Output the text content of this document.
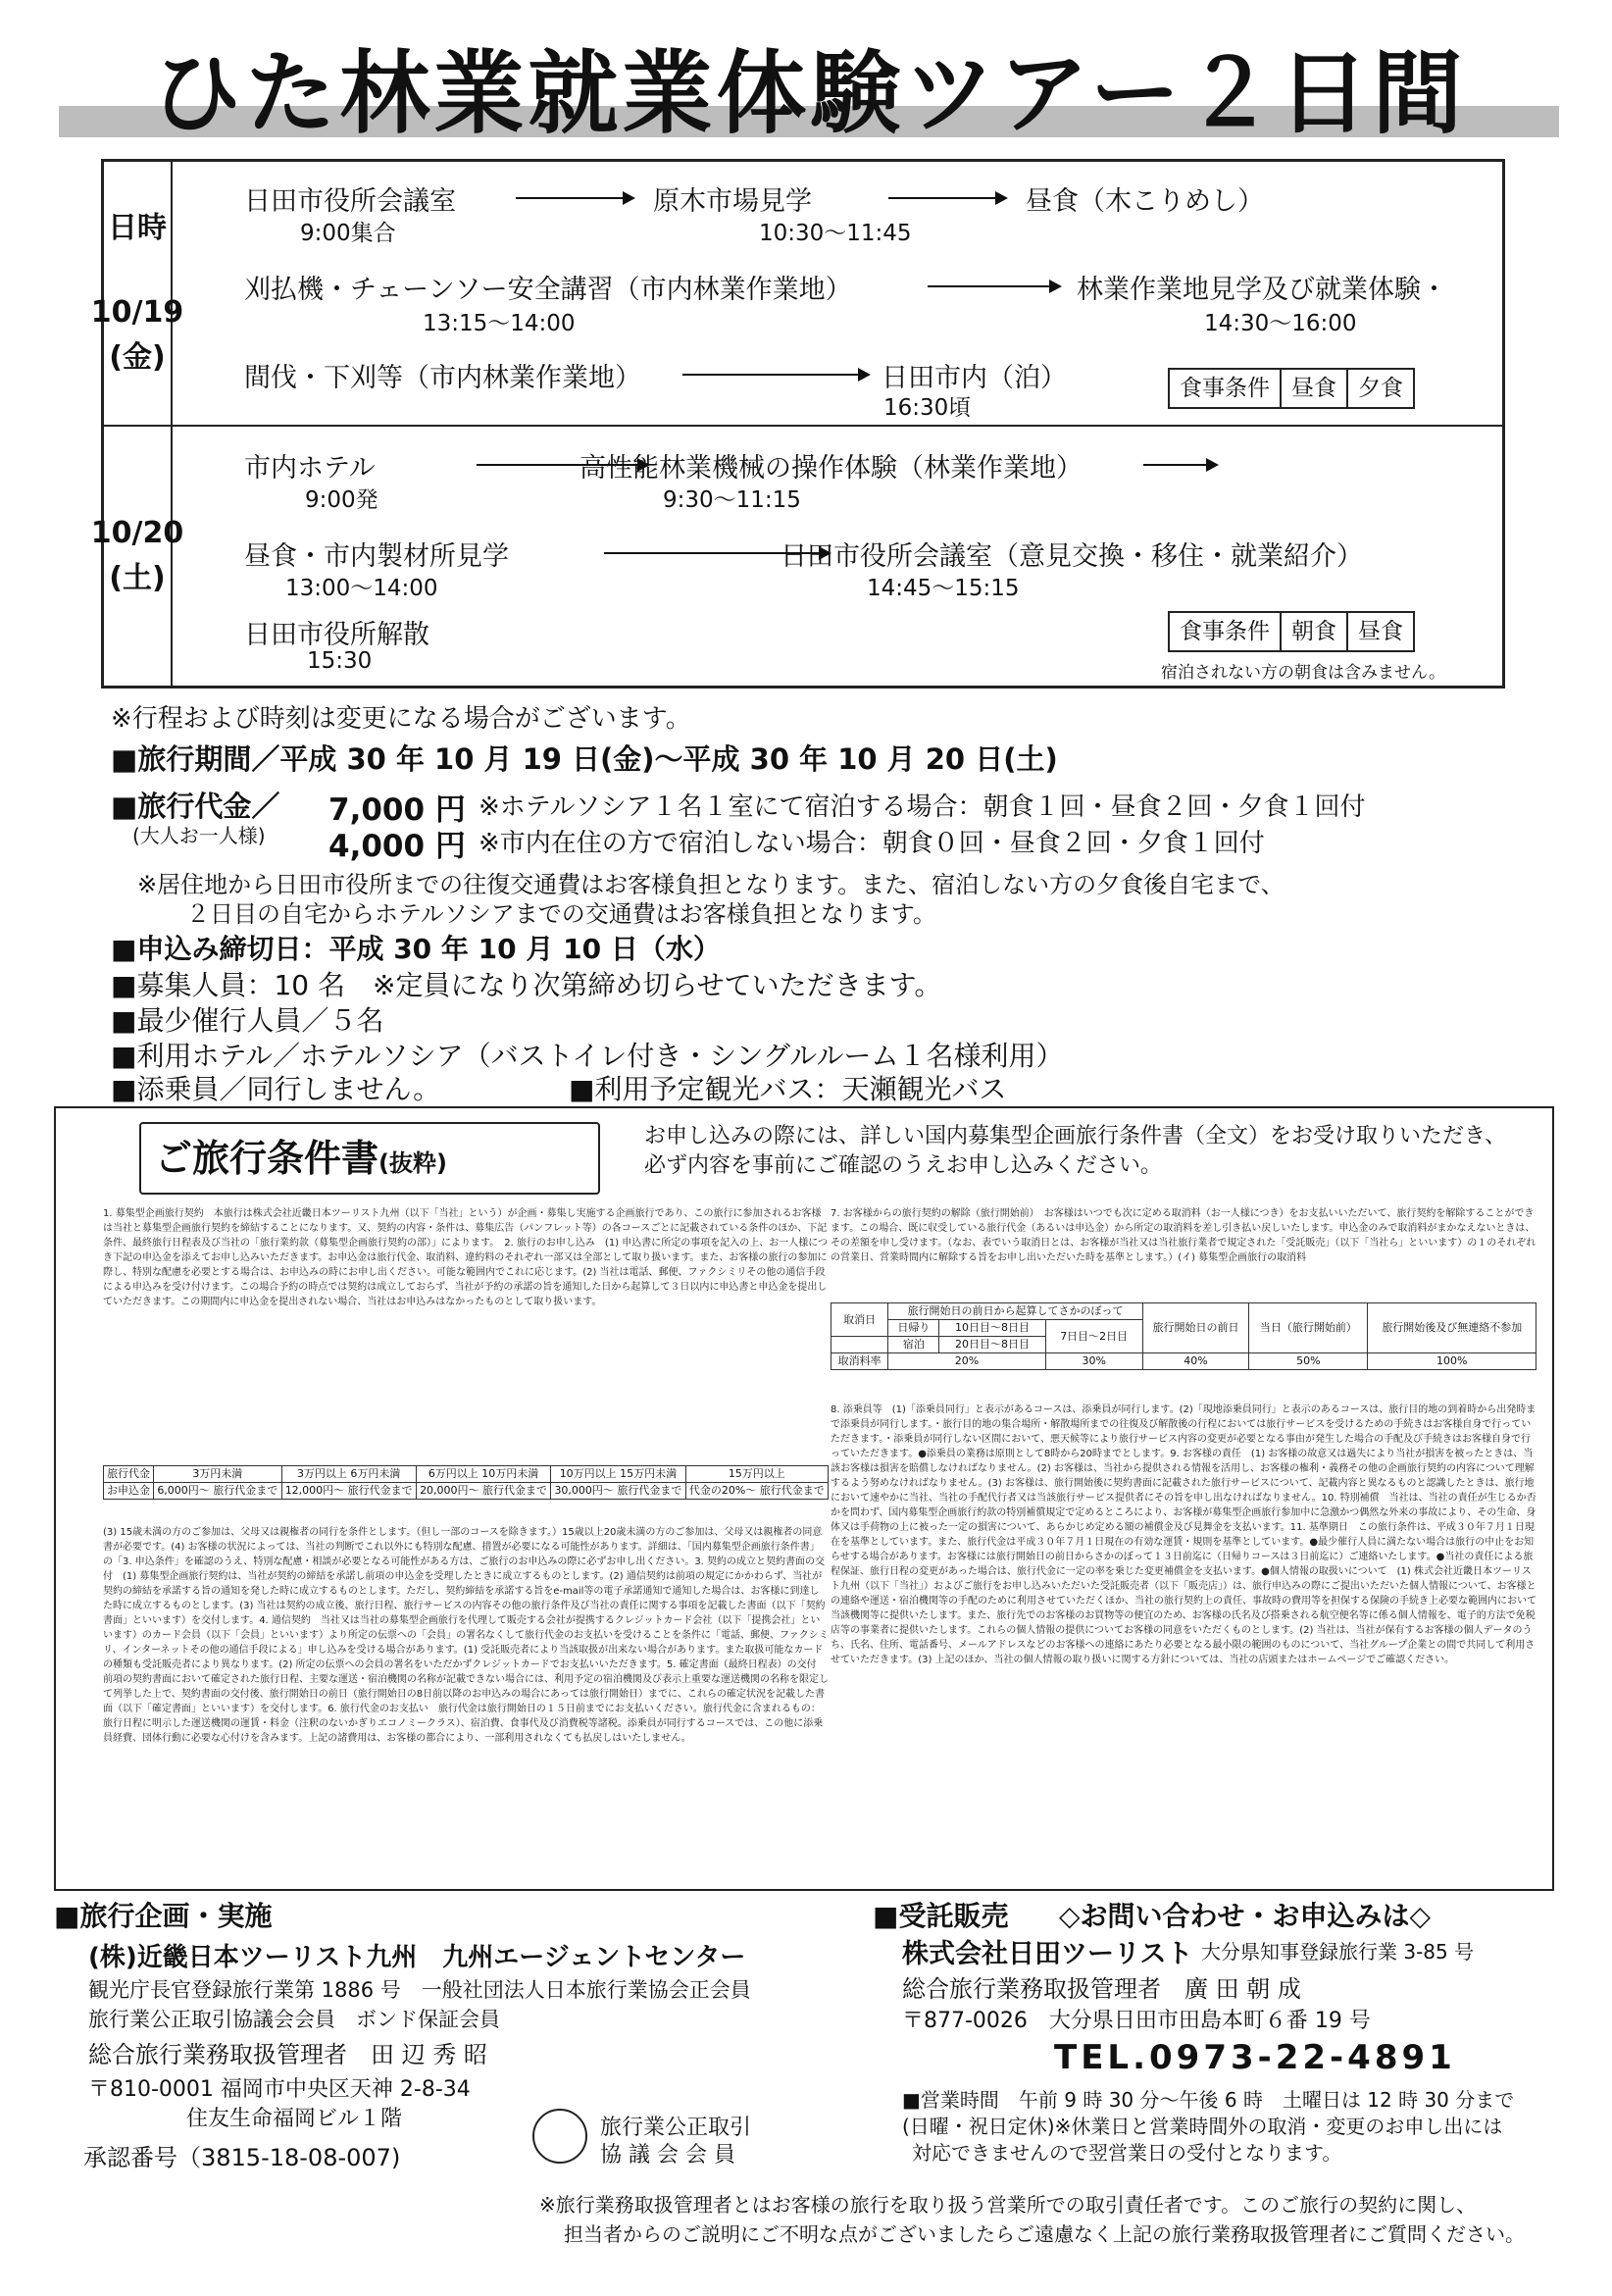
ひた林業就業体験ツアー２日間
日時
10/19
(金)
10/20
(土)
日田市役所会議室
9:00集合
原木市場見学
10:30～11:45
昼食（木こりめし）
刈払機・チェーンソー安全講習（市内林業作業地）
13:15～14:00
林業作業地見学及び就業体験・
14:30～16:00
間伐・下刈等（市内林業作業地）	日田市内（泊）
16:30頃
食事条件 昼食 夕食
市内ホテル
9:00発
高性能林業機械の操作体験（林業作業地）
9:30～11:15
昼食・市内製材所見学
13:00～14:00
日田市役所会議室（意見交換・移住・就業紹介）
14:45～15:15
日田市役所解散
15:30
食事条件 朝食 昼食
宿泊されない方の朝食は含みません。
※行程および時刻は変更になる場合がございます。
■旅行期間／平成 30 年 10 月 19 日(金)～平成 30 年 10 月 20 日(土)
■旅行代金／
(大人お一人様)
7,000 円 ※ホテルソシア１名１室にて宿泊する場合：朝食１回・昼食２回・夕食１回付
4,000 円 ※市内在住の方で宿泊しない場合：朝食０回・昼食２回・夕食１回付
※居住地から日田市役所までの往復交通費はお客様負担となります。また、宿泊しない方の夕食後自宅まで、
２日目の自宅からホテルソシアまでの交通費はお客様負担となります。
■申込み締切日：平成 30 年 10 月 10 日（水）
■募集人員：10 名　※定員になり次第締め切らせていただきます。
■最少催行人員／５名
■利用ホテル／ホテルソシア（バストイレ付き・シングルルーム１名様利用）
■添乗員／同行しません。	■利用予定観光バス：天瀬観光バス
ご旅行条件書(抜粋)
お申し込みの際には、詳しい国内募集型企画旅行条件書（全文）をお受け取りいただき、
必ず内容を事前にご確認のうえお申し込みください。
1. 募集型企画旅行契約　本旅行は株式会社近畿日本ツーリスト九州（以下「当社」という）が企画・募集し実施する企画旅行であり、この旅行に参加されるお客様は当社と募集型企画旅行契約を締結することになります。又、契約の内容・条件は、募集広告（パンフレット等）の各コースごとに記載されている条件のほか、下記条件、最終旅行日程表及び当社の「旅行業約款（募集型企画旅行契約の部）」によります。　2. 旅行のお申し込み　(1) 申込書に所定の事項を記入の上、お一人様につき下記の申込金を添えてお申し込みいただきます。お申込金は旅行代金、取消料、違約料のそれぞれ一部又は全部として取り扱います。また、お客様の旅行の参加に際し、特別な配慮を必要とする場合は、お申込みの時にお申し出ください。可能な範囲内でこれに応じます。(2) 当社は電話、郵便、ファクシミリその他の通信手段による申込みを受け付けます。この場合予約の時点では契約は成立しておらず、当社が予約の承諾の旨を通知した日から起算して３日以内に申込書と申込金を提出していただきます。この期間内に申込金を提出されない場合、当社はお申込みはなかったものとして取り扱います。
旅行代金	3万円未満	3万円以上 6万円未満	6万円以上 10万円未満	10万円以上 15万円未満	15万円以上
お申込金	6,000円～ 旅行代金まで	12,000円～ 旅行代金まで	20,000円～ 旅行代金まで	30,000円～ 旅行代金まで	代金の20%～ 旅行代金まで
(3) 15歳未満の方のご参加は、父母又は親権者の同行を条件とします。（但し一部のコースを除きます。）15歳以上20歳未満の方のご参加は、父母又は親権者の同意書が必要です。(4) お客様の状況によっては、当社の判断でこれ以外にも特別な配慮、措置が必要になる可能性があります。詳細は、「国内募集型企画旅行条件書」の「3. 申込条件」を確認のうえ、特別な配慮・相談が必要となる可能性がある方は、ご旅行のお申込みの際に必ずお申し出ください。3. 契約の成立と契約書面の交付　(1) 募集型企画旅行契約は、当社が契約の締結を承諾し前項の申込金を受理したときに成立するものとします。(2) 通信契約は前項の規定にかかわらず、当社が契約の締結を承諾する旨の通知を発した時に成立するものとします。ただし、契約締結を承諾する旨をe-mail等の電子承諾通知で通知した場合は、お客様に到達した時に成立するものとします。(3) 当社は契約の成立後、旅行日程、旅行サービスの内容その他の旅行条件及び当社の責任に関する事項を記載した書面（以下「契約書面」といいます）を交付します。4. 通信契約　当社又は当社の募集型企画旅行を代理して販売する会社が提携するクレジットカード会社（以下「提携会社」といいます）のカード会員（以下「会員」といいます）より所定の伝票への「会員」の署名なくして旅行代金のお支払いを受けることを条件に「電話、郵便、ファクシミリ、インターネットその他の通信手段による」申し込みを受ける場合があります。(1) 受託販売者により当該取扱が出来ない場合があります。また取扱可能なカードの種類も受託販売者により異なります。(2) 所定の伝票への会員の署名をいただかずクレジットカードでお支払いいただきます。5. 確定書面（最終日程表）の交付　前項の契約書面において確定された旅行日程、主要な運送・宿泊機関の名称が記載できない場合には、利用予定の宿泊機関及び表示上重要な運送機関の名称を限定して列挙した上で、契約書面の交付後、旅行開始日の前日（旅行開始日の8日前以降のお申込みの場合にあっては旅行開始日）までに、これらの確定状況を記載した書面（以下「確定書面」といいます）を交付します。6. 旅行代金のお支払い　旅行代金は旅行開始日の１５日前までにお支払いください。旅行代金に含まれるもの：旅行日程に明示した運送機関の運賃・料金（注釈のないかぎりエコノミークラス）、宿泊費、食事代及び消費税等諸税。添乗員が同行するコースでは、この他に添乗員経費、団体行動に必要な心付けを含みます。上記の諸費用は、お客様の都合により、一部利用されなくても払戻しはいたしません。
7. お客様からの旅行契約の解除（旅行開始前）　お客様はいつでも次に定める取消料（お一人様につき）をお支払いいただいて、旅行契約を解除することができます。この場合、既に収受している旅行代金（あるいは申込金）から所定の取消料を差し引き払い戻しいたします。申込金のみで取消料がまかなえないときは、その差額を申し受けます。（なお、表でいう取消日とは、お客様が当社又は当社旅行業者で規定された「受託販売」（以下「当社ら」といいます）の１のそれぞれの営業日、営業時間内に解除する旨をお申し出いただいた時を基準とします。）(イ) 募集型企画旅行の取消料
取消日	旅行開始日の前日から起算してさかのぼって			旅行開始日の前日	当日（旅行開始前）	旅行開始後及び無連絡不参加
	日帰り	10日目～8日目	7日目～2日目			
	宿泊	20日目～8日目				
取消料率	20%		30%	40%	50%	100%
8. 添乗員等　(1)「添乗員同行」と表示があるコースは、添乗員が同行します。(2)「現地添乗員同行」と表示のあるコースは、旅行目的地の到着時から出発時まで添乗員が同行します。・旅行目的地の集合場所・解散場所までの往復及び解散後の行程においては旅行サービスを受けるための手続きはお客様自身で行っていただきます。・添乗員が同行しない区間において、悪天候等により旅行サービス内容の変更が必要となる事由が発生した場合の手配及び手続きはお客様自身で行っていただきます。●添乗員の業務は原則として8時から20時までとします。9. お客様の責任　(1) お客様の故意又は過失により当社が損害を被ったときは、当該お客様は損害を賠償しなければなりません。(2) お客様は、当社から提供される情報を活用し、お客様の権利・義務その他の企画旅行契約の内容について理解するよう努めなければなりません。(3) お客様は、旅行開始後に契約書面に記載された旅行サービスについて、記載内容と異なるものと認識したときは、旅行地において速やかに当社、当社の手配代行者又は当該旅行サービス提供者にその旨を申し出なければなりません。10. 特別補償　当社は、当社の責任が生じるか否かを問わず、国内募集型企画旅行約款の特別補償規定で定めるところにより、お客様が募集型企画旅行参加中に急激かつ偶然な外来の事故により、その生命、身体又は手荷物の上に被った一定の損害について、あらかじめ定める額の補償金及び見舞金を支払います。11. 基準期日　この旅行条件は、平成３０年７月１日現在を基準としています。また、旅行代金は平成３０年７月１日現在の有効な運賃・規則を基準としています。●最少催行人員に満たない場合は旅行の中止をお知らせする場合があります。お客様には旅行開始日の前日からさかのぼって１３日前迄に（日帰りコースは３日前迄に）ご連絡いたします。●当社の責任による旅程保証、旅行日程の変更があった場合は、旅行代金に一定の率を乗じた変更補償金を支払います。●個人情報の取扱いについて　(1) 株式会社近畿日本ツーリスト九州（以下「当社」）およびご旅行をお申し込みいただいた受託販売者（以下「販売店」）は、旅行申込みの際にご提出いただいた個人情報について、お客様との連絡や運送・宿泊機関等の手配のために利用させていただくほか、当社の旅行契約上の責任、事故時の費用等を担保する保険の手続き上必要な範囲内において当該機関等に提供いたします。また、旅行先でのお客様のお買物等の便宜のため、お客様の氏名及び搭乗される航空便名等に係る個人情報を、電子的方法で免税店等の事業者に提供いたします。これらの個人情報の提供についてお客様の同意をいただくものとします。(2) 当社は、当社が保有するお客様の個人データのうち、氏名、住所、電話番号、メールアドレスなどのお客様への連絡にあたり必要となる最小限の範囲のものについて、当社グループ企業との間で共同して利用させていただきます。(3) 上記のほか、当社の個人情報の取り扱いに関する方針については、当社の店頭またはホームページでご確認ください。
■旅行企画・実施
(株)近畿日本ツーリスト九州　九州エージェントセンター
観光庁長官登録旅行業第 1886 号　一般社団法人日本旅行業協会正会員
旅行業公正取引協議会会員　ボンド保証会員
総合旅行業務取扱管理者　田 辺 秀 昭
〒810-0001 福岡市中央区天神 2-8-34
住友生命福岡ビル１階
承認番号（3815-18-08-007)
旅行業公正取引
協 議 会 会 員
■受託販売 ◇お問い合わせ・お申込みは◇
株式会社日田ツーリスト 大分県知事登録旅行業 3-85 号
総合旅行業務取扱管理者　廣 田 朝 成
〒877-0026　大分県日田市田島本町６番 19 号
TEL.0973-22-4891
■営業時間　午前 9 時 30 分～午後 6 時　土曜日は 12 時 30 分まで
(日曜・祝日定休)※休業日と営業時間外の取消・変更のお申し出には
対応できませんので翌営業日の受付となります。
※旅行業務取扱管理者とはお客様の旅行を取り扱う営業所での取引責任者です。このご旅行の契約に関し、
担当者からのご説明にご不明な点がございましたらご遠慮なく上記の旅行業務取扱管理者にご質問ください。
